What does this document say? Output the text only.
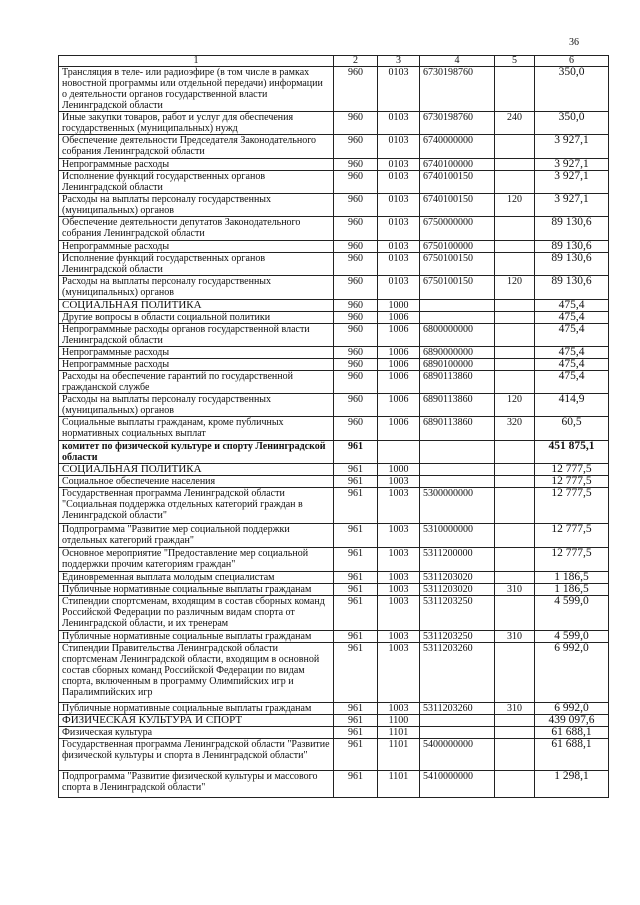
36
1	2	3	4	5	6
Трансляция в теле- или радиоэфире (в том числе в рамках новостной программы или отдельной передачи) информации о деятельности органов государственной власти Ленинградской области	960	0103	6730198760		350,0
Иные закупки товаров, работ и услуг для обеспечения государственных (муниципальных) нужд	960	0103	6730198760	240	350,0
Обеспечение деятельности Председателя Законодательного собрания Ленинградской области	960	0103	6740000000		3 927,1
Непрограммные расходы	960	0103	6740100000		3 927,1
Исполнение функций государственных органов Ленинградской области	960	0103	6740100150		3 927,1
Расходы на выплаты персоналу государственных (муниципальных) органов	960	0103	6740100150	120	3 927,1
Обеспечение деятельности депутатов Законодательного собрания Ленинградской области	960	0103	6750000000		89 130,6
Непрограммные расходы	960	0103	6750100000		89 130,6
Исполнение функций государственных органов Ленинградской области	960	0103	6750100150		89 130,6
Расходы на выплаты персоналу государственных (муниципальных) органов	960	0103	6750100150	120	89 130,6
СОЦИАЛЬНАЯ ПОЛИТИКА	960	1000			475,4
Другие вопросы в области социальной политики	960	1006			475,4
Непрограммные расходы органов государственной власти Ленинградской области	960	1006	6800000000		475,4
Непрограммные расходы	960	1006	6890000000		475,4
Непрограммные расходы	960	1006	6890100000		475,4
Расходы на обеспечение гарантий по государственной гражданской службе	960	1006	6890113860		475,4
Расходы на выплаты персоналу государственных (муниципальных) органов	960	1006	6890113860	120	414,9
Социальные выплаты гражданам, кроме публичных нормативных социальных выплат	960	1006	6890113860	320	60,5
комитет по физической культуре и спорту Ленинградской области	961				451 875,1
СОЦИАЛЬНАЯ ПОЛИТИКА	961	1000			12 777,5
Социальное обеспечение населения	961	1003			12 777,5
Государственная программа Ленинградской области "Социальная поддержка отдельных категорий граждан в Ленинградской области"	961	1003	5300000000		12 777,5
Подпрограмма "Развитие мер социальной поддержки отдельных категорий граждан"	961	1003	5310000000		12 777,5
Основное мероприятие "Предоставление мер социальной поддержки прочим категориям граждан"	961	1003	5311200000		12 777,5
Единовременная выплата молодым специалистам	961	1003	5311203020		1 186,5
Публичные нормативные социальные выплаты гражданам	961	1003	5311203020	310	1 186,5
Стипендии спортсменам, входящим в состав сборных команд Российской Федерации по различным видам спорта от Ленинградской области, и их тренерам	961	1003	5311203250		4 599,0
Публичные нормативные социальные выплаты гражданам	961	1003	5311203250	310	4 599,0
Стипендии Правительства Ленинградской области спортсменам Ленинградской области, входящим в основной состав сборных команд Российской Федерации по видам спорта, включенным в программу Олимпийских игр и Паралимпийских игр	961	1003	5311203260		6 992,0
Публичные нормативные социальные выплаты гражданам	961	1003	5311203260	310	6 992,0
ФИЗИЧЕСКАЯ КУЛЬТУРА И СПОРТ	961	1100			439 097,6
Физическая культура	961	1101			61 688,1
Государственная программа Ленинградской области "Развитие физической культуры и спорта в Ленинградской области"	961	1101	5400000000		61 688,1
Подпрограмма "Развитие физической культуры и массового спорта в Ленинградской области"	961	1101	5410000000		1 298,1
